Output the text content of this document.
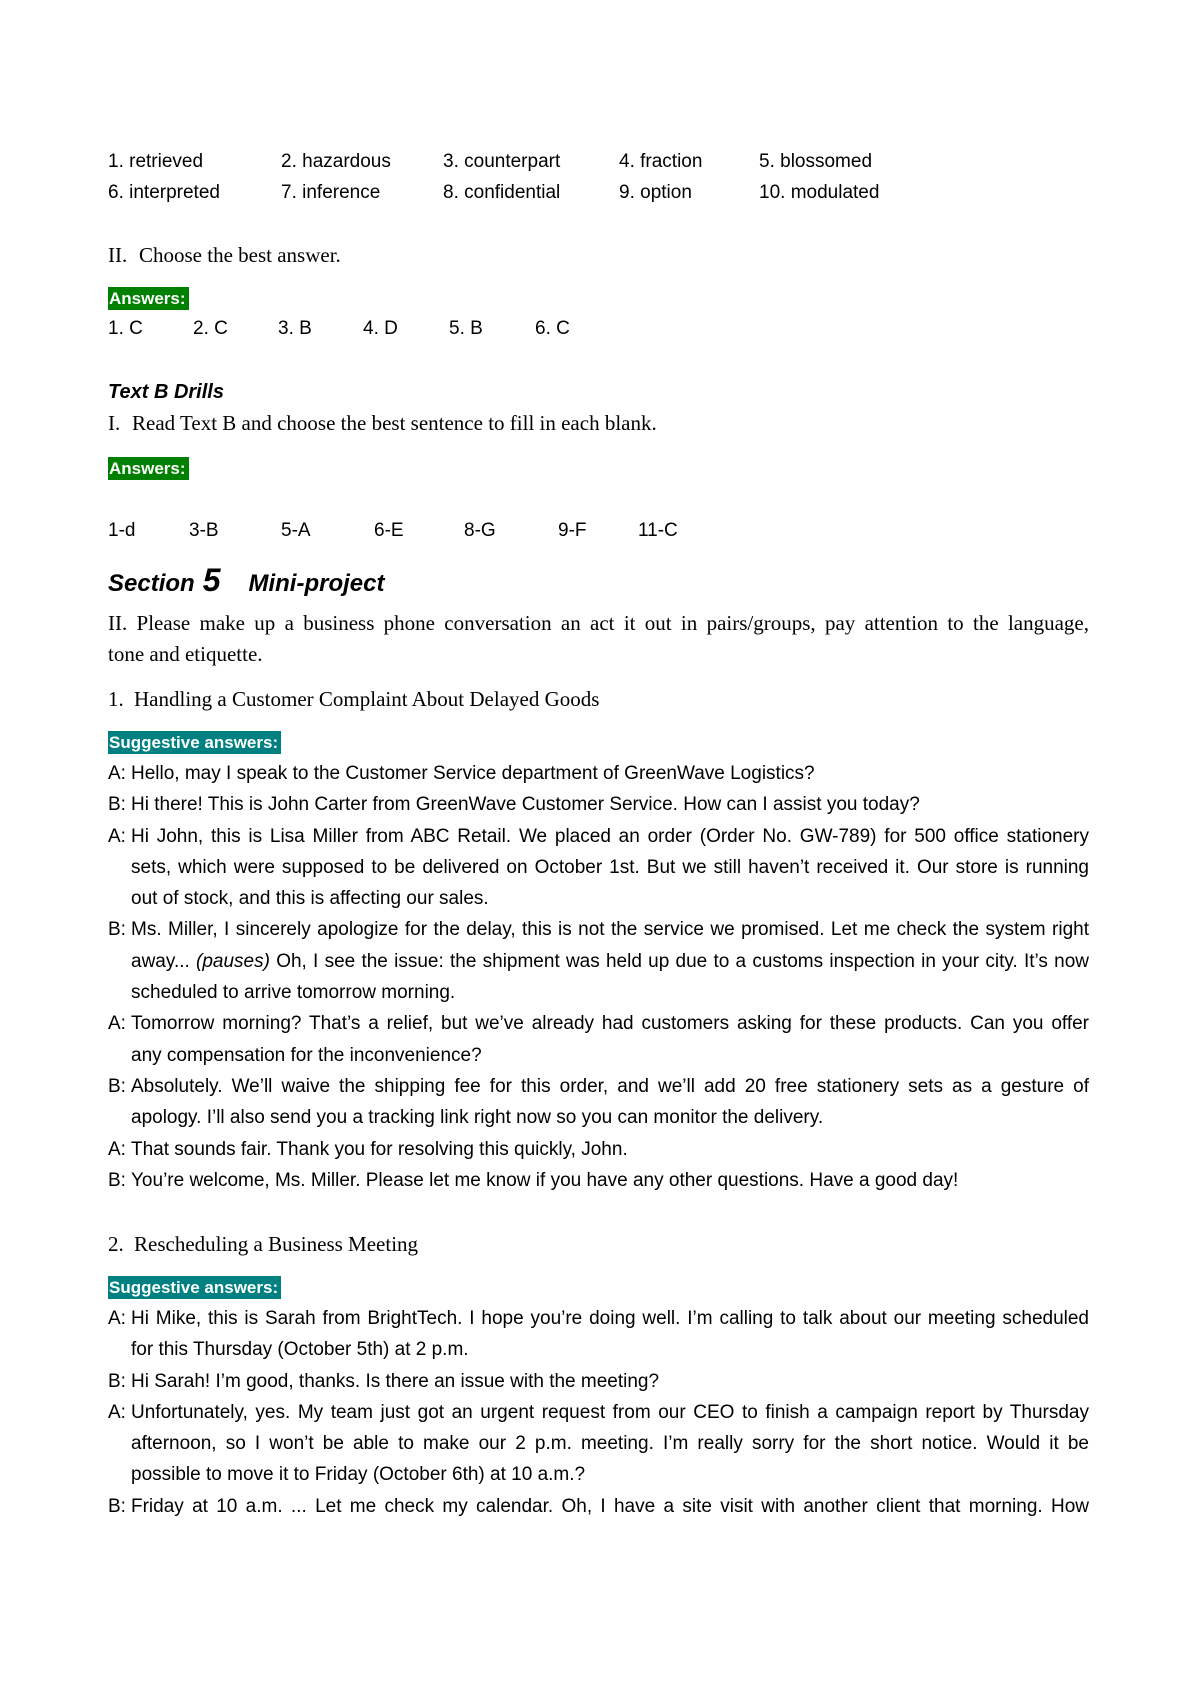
1. retrieved	2. hazardous	3. counterpart	4. fraction	5. blossomed
6. interpreted	7. inference	8. confidential	9. option	10. modulated
II. Choose the best answer.
Answers:
1. C	2. C	3. B	4. D	5. B	6. C
Text B Drills
I. Read Text B and choose the best sentence to fill in each blank.
Answers:
1-d	3-B	5-A	6-E	8-G	9-F	11-C
Section 5 Mini-project
II. Please make up a business phone conversation an act it out in pairs/groups, pay attention to the language,
tone and etiquette.
1. Handling a Customer Complaint About Delayed Goods
Suggestive answers:
A: Hello, may I speak to the Customer Service department of GreenWave Logistics?
B: Hi there! This is John Carter from GreenWave Customer Service. How can I assist you today?
A: Hi John, this is Lisa Miller from ABC Retail. We placed an order (Order No. GW-789) for 500 office stationery
sets, which were supposed to be delivered on October 1st. But we still haven’t received it. Our store is running
out of stock, and this is affecting our sales.
B: Ms. Miller, I sincerely apologize for the delay, this is not the service we promised. Let me check the system right
away... (pauses) Oh, I see the issue: the shipment was held up due to a customs inspection in your city. It’s now
scheduled to arrive tomorrow morning.
A: Tomorrow morning? That’s a relief, but we’ve already had customers asking for these products. Can you offer
any compensation for the inconvenience?
B: Absolutely. We’ll waive the shipping fee for this order, and we’ll add 20 free stationery sets as a gesture of
apology. I’ll also send you a tracking link right now so you can monitor the delivery.
A: That sounds fair. Thank you for resolving this quickly, John.
B: You’re welcome, Ms. Miller. Please let me know if you have any other questions. Have a good day!
2. Rescheduling a Business Meeting
Suggestive answers:
A: Hi Mike, this is Sarah from BrightTech. I hope you’re doing well. I’m calling to talk about our meeting scheduled
for this Thursday (October 5th) at 2 p.m.
B: Hi Sarah! I’m good, thanks. Is there an issue with the meeting?
A: Unfortunately, yes. My team just got an urgent request from our CEO to finish a campaign report by Thursday
afternoon, so I won’t be able to make our 2 p.m. meeting. I’m really sorry for the short notice. Would it be
possible to move it to Friday (October 6th) at 10 a.m.?
B: Friday at 10 a.m. ... Let me check my calendar. Oh, I have a site visit with another client that morning. How
